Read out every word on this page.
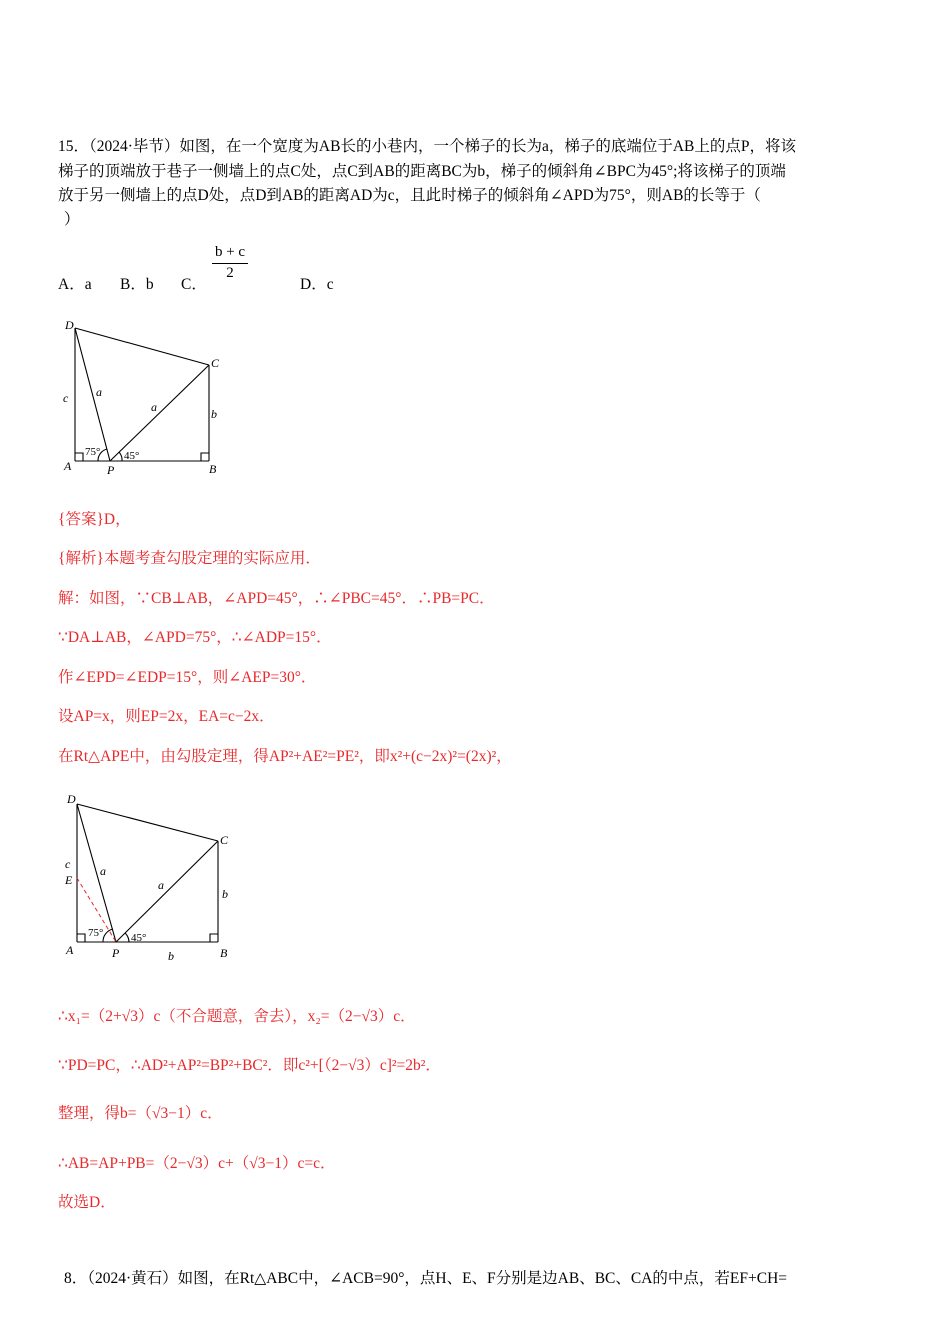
15．（2024·毕节）如图，在一个宽度为AB长的小巷内，一个梯子的长为a，梯子的底端位于AB上的点P，将该
梯子的顶端放于巷子一侧墙上的点C处，点C到AB的距离BC为b，梯子的倾斜角∠BPC为45°;将该梯子的顶端
放于另一侧墙上的点D处，点D到AB的距离AD为c，且此时梯子的倾斜角∠APD为75°，则AB的长等于（
）
A．a B．b C．
$\frac{b + c}{2}$
D．c
D
C
A	P	B
c a
a	b
75° 45°
{答案}D，
{解析}本题考查勾股定理的实际应用．
解：如图，∵CB⊥AB，∠APD=45°，∴∠PBC=45°．∴PB=PC．
∵DA⊥AB，∠APD=75°，∴∠ADP=15°．
作∠EPD=∠EDP=15°，则∠AEP=30°．
设AP=x，则EP=2x，EA=c−2x．
在Rt△APE中，由勾股定理，得AP²+AE²=PE²，即x²+(c−2x)²=(2x)²，
D
C
c
E
a
a
b
75°	45°
A	P	b	B
∴x₁=（2+√3）c（不合题意，舍去），x₂=（2−√3）c．
∵PD=PC，∴AD²+AP²=BP²+BC²．即c²+[（2−√3）c]²=2b²．
整理，得b=（√3−1）c．
∴AB=AP+PB=（2−√3）c+（√3−1）c=c．
故选D．
8．（2024·黄石）如图，在Rt△ABC中，∠ACB=90°，点H、E、F分别是边AB、BC、CA的中点，若EF+CH=
